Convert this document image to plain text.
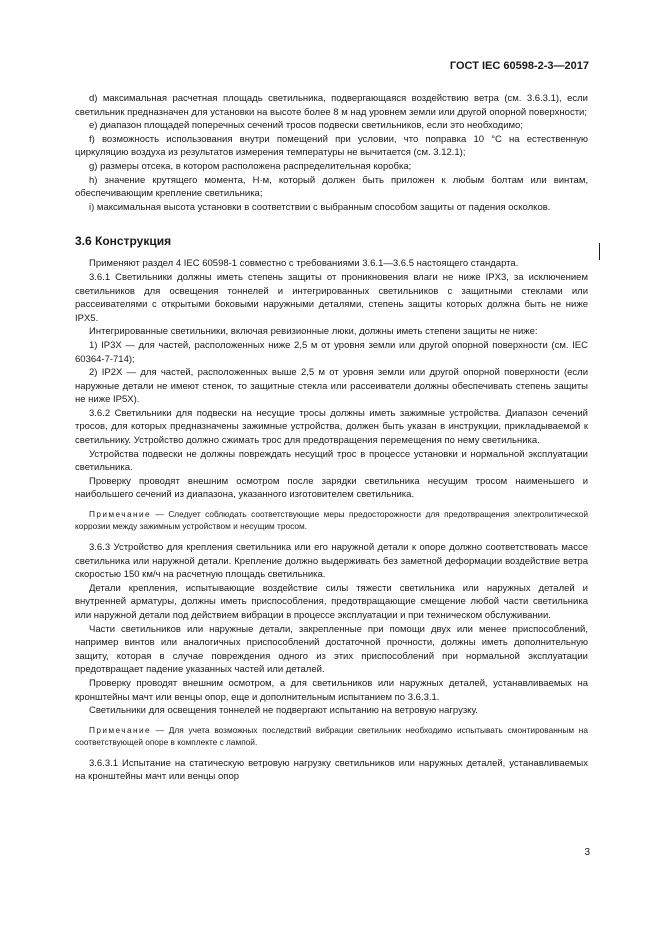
ГОСТ IEC 60598-2-3—2017

d) максимальная расчетная площадь светильника, подвергающаяся воздействию ветра (см. 3.6.3.1), если светильник предназначен для установки на высоте более 8 м над уровнем земли или другой опорной поверхности;

e) диапазон площадей поперечных сечений тросов подвески светильников, если это необходимо;

f) возможность использования внутри помещений при условии, что поправка 10 °С на естественную циркуляцию воздуха из результатов измерения температуры не вычитается (см. 3.12.1);

g) размеры отсека, в котором расположена распределительная коробка;

h) значение крутящего момента, Н·м, который должен быть приложен к любым болтам или винтам, обеспечивающим крепление светильника;

i) максимальная высота установки в соответствии с выбранным способом защиты от падения осколков.

3.6 Конструкция

Применяют раздел 4 IEC 60598-1 совместно с требованиями 3.6.1—3.6.5 настоящего стандарта.

3.6.1 Светильники должны иметь степень защиты от проникновения влаги не ниже IPX3, за исключением светильников для освещения тоннелей и интегрированных светильников с защитными стеклами или рассеивателями с открытыми боковыми наружными деталями, степень защиты которых должна быть не ниже IPX5.

Интегрированные светильники, включая ревизионные люки, должны иметь степени защиты не ниже:

1) IP3X — для частей, расположенных ниже 2,5 м от уровня земли или другой опорной поверхности (см. IEC 60364-7-714);

2) IP2X — для частей, расположенных выше 2,5 м от уровня земли или другой опорной поверхности (если наружные детали не имеют стенок, то защитные стекла или рассеиватели должны обеспечивать степень защиты не ниже IP5X).

3.6.2 Светильники для подвески на несущие тросы должны иметь зажимные устройства. Диапазон сечений тросов, для которых предназначены зажимные устройства, должен быть указан в инструкции, прикладываемой к светильнику. Устройство должно сжимать трос для предотвращения перемещения по нему светильника.

Устройства подвески не должны повреждать несущий трос в процессе установки и нормальной эксплуатации светильника.

Проверку проводят внешним осмотром после зарядки светильника несущим тросом наименьшего и наибольшего сечений из диапазона, указанного изготовителем светильника.

Примечание — Следует соблюдать соответствующие меры предосторожности для предотвращения электролитической коррозии между зажимным устройством и несущим тросом.

3.6.3 Устройство для крепления светильника или его наружной детали к опоре должно соответствовать массе светильника или наружной детали. Крепление должно выдерживать без заметной деформации воздействие ветра скоростью 150 км/ч на расчетную площадь светильника.

Детали крепления, испытывающие воздействие силы тяжести светильника или наружных деталей и внутренней арматуры, должны иметь приспособления, предотвращающие смещение любой части светильника или наружной детали под действием вибрации в процессе эксплуатации и при техническом обслуживании.

Части светильников или наружные детали, закрепленные при помощи двух или менее приспособлений, например винтов или аналогичных приспособлений достаточной прочности, должны иметь дополнительную защиту, которая в случае повреждения одного из этих приспособлений при нормальной эксплуатации предотвращает падение указанных частей или деталей.

Проверку проводят внешним осмотром, а для светильников или наружных деталей, устанавливаемых на кронштейны мачт или венцы опор, еще и дополнительным испытанием по 3.6.3.1.

Светильники для освещения тоннелей не подвергают испытанию на ветровую нагрузку.

Примечание — Для учета возможных последствий вибрации светильник необходимо испытывать смонтированным на соответствующей опоре в комплекте с лампой.

3.6.3.1 Испытание на статическую ветровую нагрузку светильников или наружных деталей, устанавливаемых на кронштейны мачт или венцы опор

3
